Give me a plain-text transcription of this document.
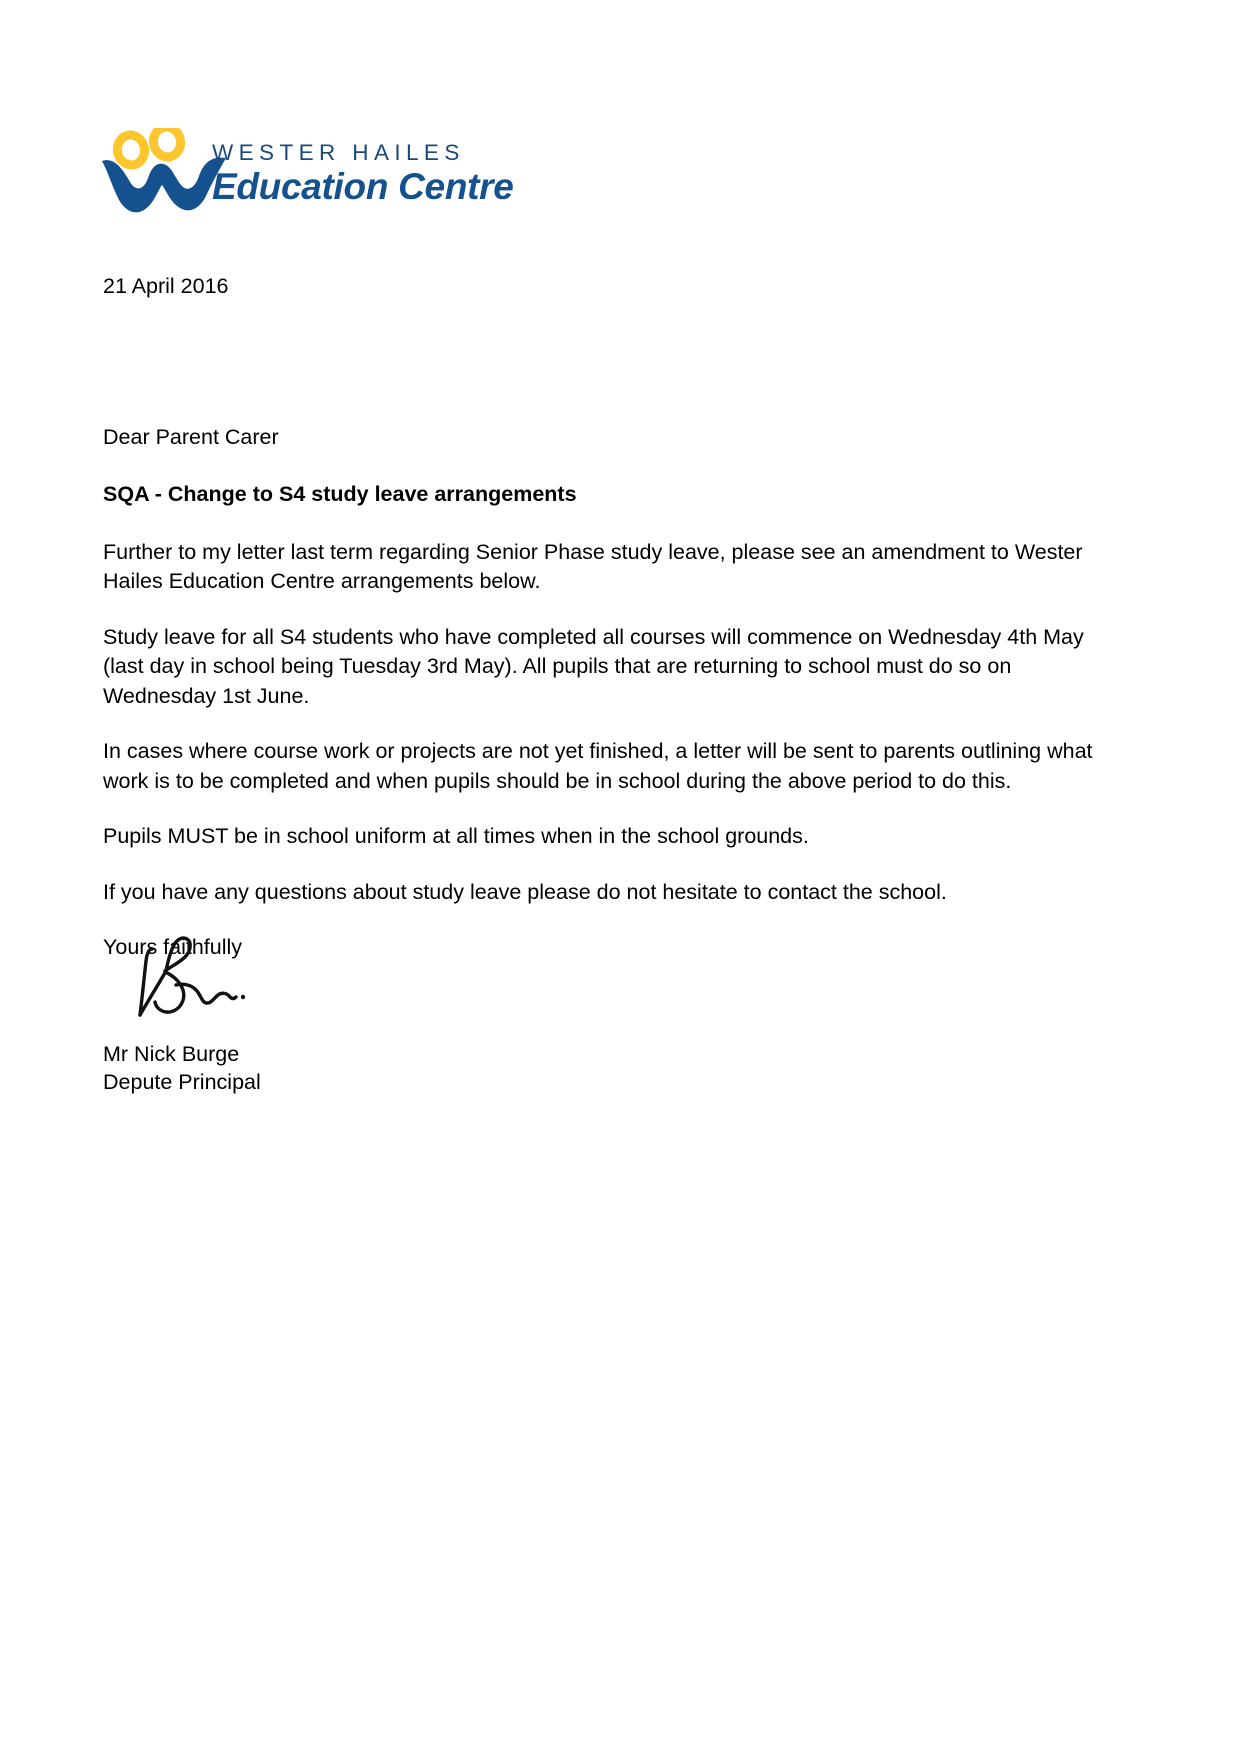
WESTER HAILES
Education Centre

21 April 2016

Dear Parent Carer

SQA - Change to S4 study leave arrangements

Further to my letter last term regarding Senior Phase study leave, please see an amendment to Wester Hailes Education Centre arrangements below.

Study leave for all S4 students who have completed all courses will commence on Wednesday 4th May (last day in school being Tuesday 3rd May). All pupils that are returning to school must do so on Wednesday 1st June.

In cases where course work or projects are not yet finished, a letter will be sent to parents outlining what work is to be completed and when pupils should be in school during the above period to do this.

Pupils MUST be in school uniform at all times when in the school grounds.

If you have any questions about study leave please do not hesitate to contact the school.

Yours faithfully

Mr Nick Burge
Depute Principal
